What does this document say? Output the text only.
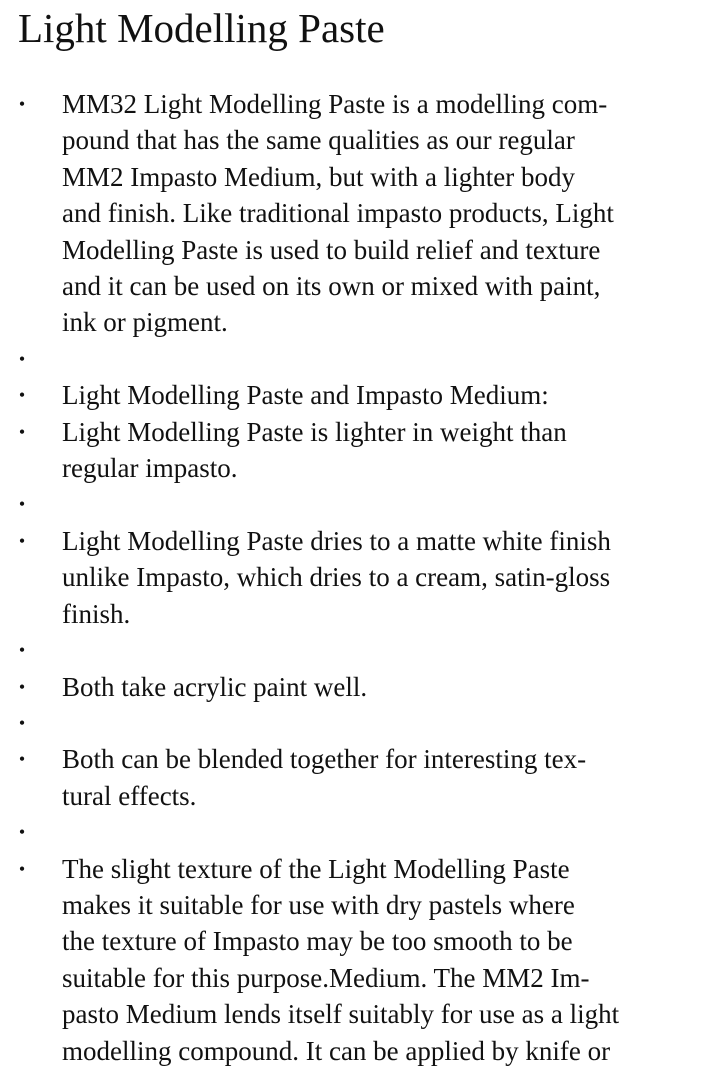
Light Modelling Paste
• MM32 Light Modelling Paste is a modelling com-
pound that has the same qualities as our regular
MM2 Impasto Medium, but with a lighter body
and finish. Like traditional impasto products, Light
Modelling Paste is used to build relief and texture
and it can be used on its own or mixed with paint,
ink or pigment.
•

• Light Modelling Paste and Impasto Medium:
• Light Modelling Paste is lighter in weight than
regular impasto.
•

• Light Modelling Paste dries to a matte white finish
unlike Impasto, which dries to a cream, satin-gloss
finish.
•

• Both take acrylic paint well.
•

• Both can be blended together for interesting tex-
tural effects.
•

• The slight texture of the Light Modelling Paste
makes it suitable for use with dry pastels where
the texture of Impasto may be too smooth to be
suitable for this purpose.Medium. The MM2 Im-
pasto Medium lends itself suitably for use as a light
modelling compound. It can be applied by knife or
